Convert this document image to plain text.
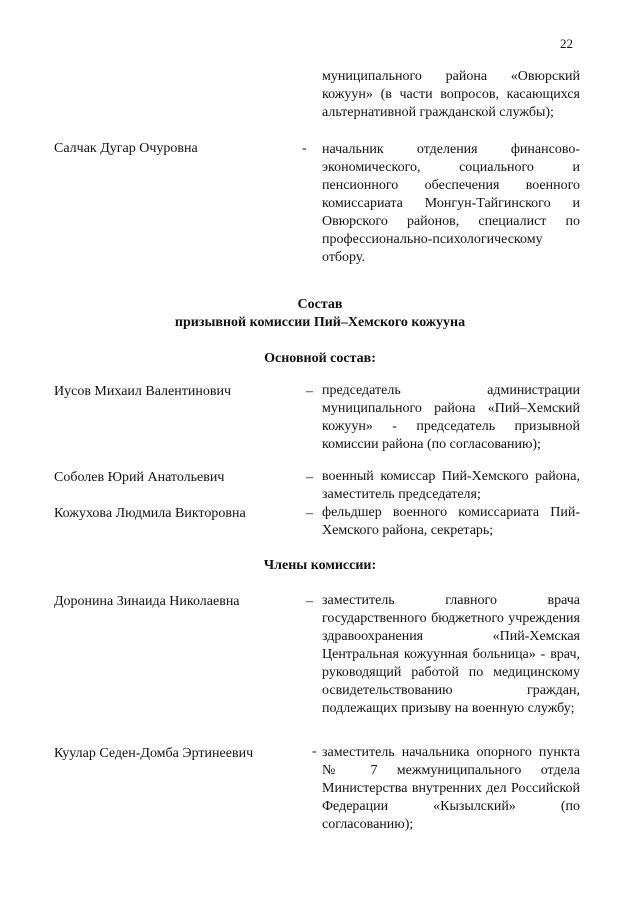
22
муниципального района «Овюрский кожуун» (в части вопросов, касающихся альтернативной гражданской службы);
Салчак Дугар Очуровна	- начальник отделения финансово-экономического, социального и пенсионного обеспечения военного комиссариата Монгун-Тайгинского и Овюрского районов, специалист по профессионально-психологическому отбору.
Состав
призывной комиссии Пий–Хемского кожууна
Основной состав:
Иусов Михаил Валентинович	– председатель администрации муниципального района «Пий–Хемский кожуун» - председатель призывной комиссии района (по согласованию);
Соболев Юрий Анатольевич	– военный комиссар Пий-Хемского района, заместитель председателя;
Кожухова Людмила Викторовна	– фельдшер военного комиссариата Пий-Хемского района, секретарь;
Члены комиссии:
Доронина Зинаида Николаевна	– заместитель главного врача государственного бюджетного учреждения здравоохранения «Пий-Хемская Центральная кожуунная больница» - врач, руководящий работой по медицинскому освидетельствованию граждан, подлежащих призыву на военную службу;
Куулар Седен-Домба Эртинеевич	- заместитель начальника опорного пункта № 7 межмуниципального отдела Министерства внутренних дел Российской Федерации «Кызылский» (по согласованию);
